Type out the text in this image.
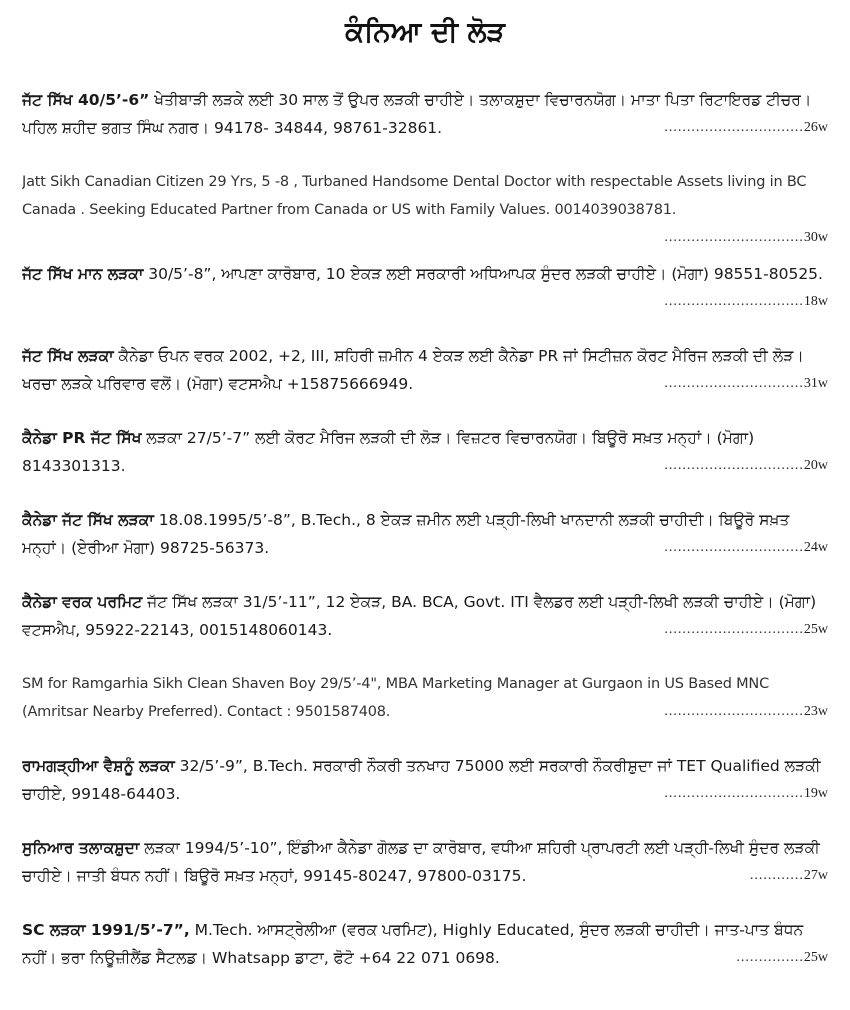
ਕੰਨਿਆ ਦੀ ਲੋੜ
ਜੱਟ ਸਿੱਖ 40/5’-6” ਖੇਤੀਬਾੜੀ ਲੜਕੇ ਲਈ 30 ਸਾਲ ਤੋਂ ਉਪਰ ਲੜਕੀ ਚਾਹੀਏ। ਤਲਾਕਸ਼ੁਦਾ ਵਿਚਾਰਨਯੋਗ। ਮਾਤਾ ਪਿਤਾ ਰਿਟਾਇਰਡ ਟੀਚਰ। ਪਹਿਲ ਸ਼ਹੀਦ ਭਗਤ ਸਿੰਘ ਨਗਰ। 94178- 34844, 98761-32861.	...............................26w
Jatt Sikh Canadian Citizen 29 Yrs, 5 -8 , Turbaned Handsome Dental Doctor with respectable Assets living in BC Canada . Seeking Educated Partner from Canada or US with Family Values. 0014039038781.
...............................30w
ਜੱਟ ਸਿੱਖ ਮਾਨ ਲੜਕਾ 30/5’-8”, ਆਪਣਾ ਕਾਰੋਬਾਰ, 10 ਏਕੜ ਲਈ ਸਰਕਾਰੀ ਅਧਿਆਪਕ ਸੁੰਦਰ ਲੜਕੀ ਚਾਹੀਏ। (ਮੋਗਾ) 98551-80525.
...............................18w
ਜੱਟ ਸਿੱਖ ਲੜਕਾ ਕੈਨੇਡਾ ਓਪਨ ਵਰਕ 2002, +2, III, ਸ਼ਹਿਰੀ ਜ਼ਮੀਨ 4 ਏਕੜ ਲਈ ਕੈਨੇਡਾ PR ਜਾਂ ਸਿਟੀਜ਼ਨ ਕੋਰਟ ਮੈਰਿਜ ਲੜਕੀ ਦੀ ਲੋੜ। ਖਰਚਾ ਲੜਕੇ ਪਰਿਵਾਰ ਵਲੋਂ। (ਮੋਗਾ) ਵਟਸਐਪ +15875666949.	...............................31w
ਕੈਨੇਡਾ PR ਜੱਟ ਸਿੱਖ ਲੜਕਾ 27/5’-7” ਲਈ ਕੋਰਟ ਮੈਰਿਜ ਲੜਕੀ ਦੀ ਲੋੜ। ਵਿਜ਼ਟਰ ਵਿਚਾਰਨਯੋਗ। ਬਿਊਰੋ ਸਖ਼ਤ ਮਨ੍ਹਾਂ। (ਮੋਗਾ) 8143301313.	...............................20w
ਕੈਨੇਡਾ ਜੱਟ ਸਿੱਖ ਲੜਕਾ 18.08.1995/5’-8”, B.Tech., 8 ਏਕੜ ਜ਼ਮੀਨ ਲਈ ਪੜ੍ਹੀ-ਲਿਖੀ ਖਾਨਦਾਨੀ ਲੜਕੀ ਚਾਹੀਦੀ। ਬਿਊਰੋ ਸਖ਼ਤ ਮਨ੍ਹਾਂ। (ਏਰੀਆ ਮੋਗਾ) 98725-56373.	...............................24w
ਕੈਨੇਡਾ ਵਰਕ ਪਰਮਿਟ ਜੱਟ ਸਿੱਖ ਲੜਕਾ 31/5’-11”, 12 ਏਕੜ, BA. BCA, Govt. ITI ਵੈਲਡਰ ਲਈ ਪੜ੍ਹੀ-ਲਿਖੀ ਲੜਕੀ ਚਾਹੀਏ। (ਮੋਗਾ) ਵਟਸਐਪ, 95922-22143, 0015148060143.	...............................25w
SM for Ramgarhia Sikh Clean Shaven Boy 29/5’-4", MBA Marketing Manager at Gurgaon in US Based MNC (Amritsar Nearby Preferred). Contact : 9501587408.	...............................23w
ਰਾਮਗੜ੍ਹੀਆ ਵੈਸ਼ਨੂੰ ਲੜਕਾ 32/5’-9”, B.Tech. ਸਰਕਾਰੀ ਨੌਕਰੀ ਤਨਖਾਹ 75000 ਲਈ ਸਰਕਾਰੀ ਨੌਕਰੀਸ਼ੁਦਾ ਜਾਂ TET Qualified ਲੜਕੀ ਚਾਹੀਏ, 99148-64403.	...............................19w
ਸੁਨਿਆਰ ਤਲਾਕਸ਼ੁਦਾ ਲੜਕਾ 1994/5’-10”, ਇੰਡੀਆ ਕੈਨੇਡਾ ਗੋਲਡ ਦਾ ਕਾਰੋਬਾਰ, ਵਧੀਆ ਸ਼ਹਿਰੀ ਪ੍ਰਾਪਰਟੀ ਲਈ ਪੜ੍ਹੀ-ਲਿਖੀ ਸੁੰਦਰ ਲੜਕੀ ਚਾਹੀਏ। ਜਾਤੀ ਬੰਧਨ ਨਹੀਂ। ਬਿਊਰੋ ਸਖ਼ਤ ਮਨ੍ਹਾਂ, 99145-80247, 97800-03175.	............27w
SC ਲੜਕਾ 1991/5’-7”, M.Tech. ਆਸਟ੍ਰੇਲੀਆ (ਵਰਕ ਪਰਮਿਟ), Highly Educated, ਸੁੰਦਰ ਲੜਕੀ ਚਾਹੀਦੀ। ਜਾਤ-ਪਾਤ ਬੰਧਨ ਨਹੀਂ। ਭਰਾ ਨਿਊਜ਼ੀਲੈਂਡ ਸੈਟਲਡ। Whatsapp ਡਾਟਾ, ਫੋਟੋ +64 22 071 0698.	...............25w
